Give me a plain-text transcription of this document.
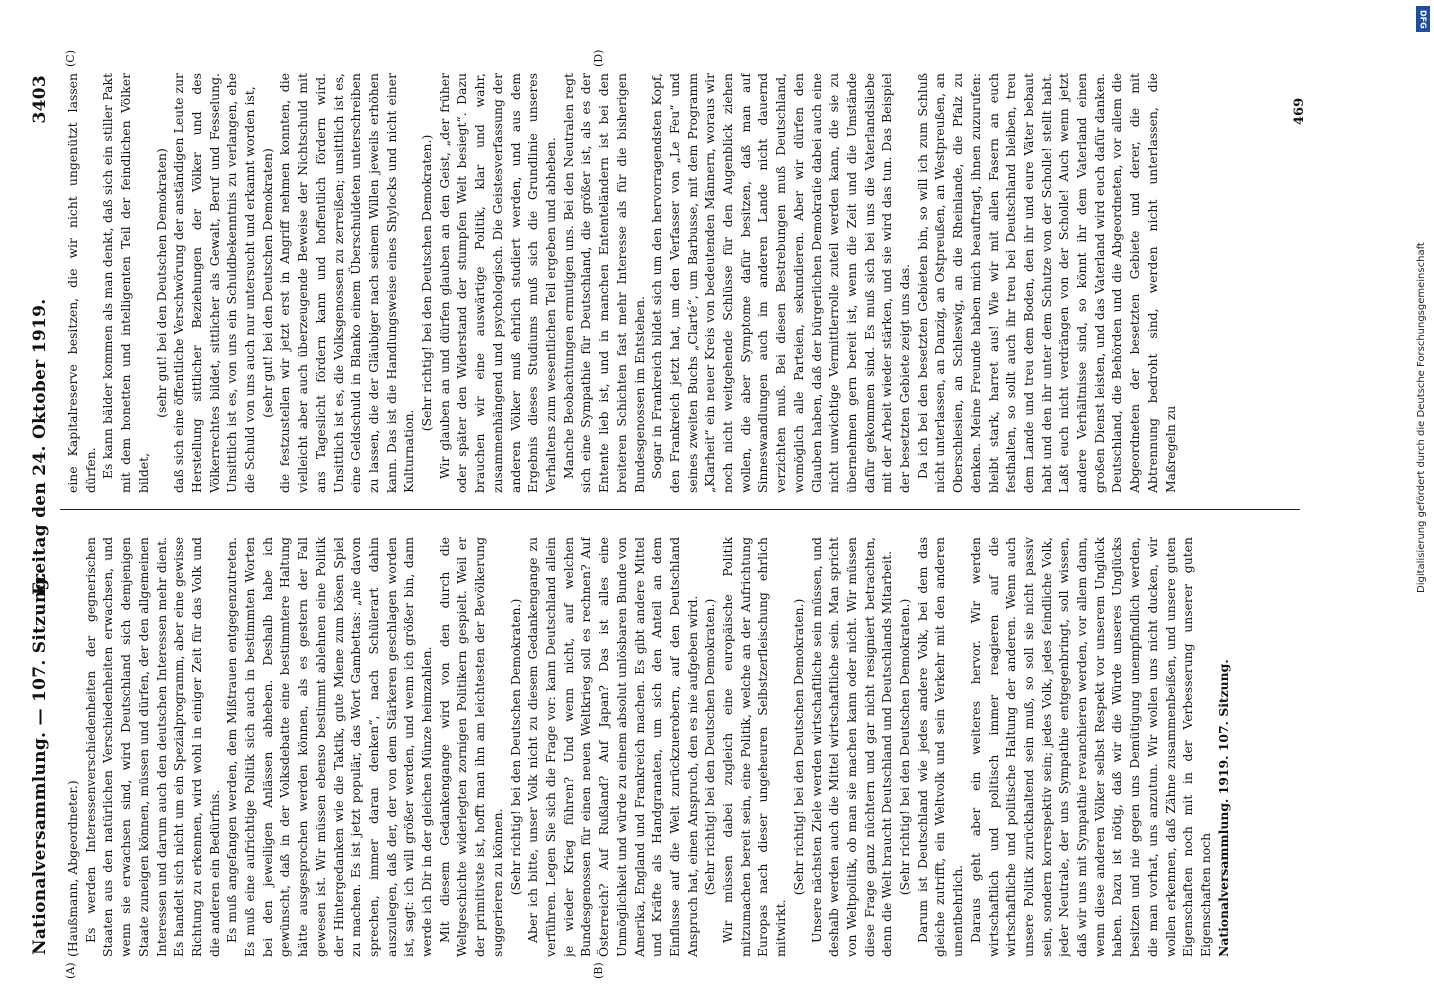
Nationalversammlung. — 107. Sitzung.
Freitag den 24. Oktober 1919.
3403
(A)	(B)
(C)	(D)

(Haußmann, Abgeordneter.) Es werden Interessenverschiedenheiten der gegnerischen Staaten aus den natürlichen Verschiedenheiten erwachsen, und wenn sie erwachsen sind, wird Deutschland sich demjenigen Staate zuneigen können, müssen und dürfen, der den allgemeinen Interessen und darum auch den deutschen Interessen mehr dient. Es handelt sich nicht um ein Spezialprogramm, aber eine gewisse Richtung zu erkennen, wird wohl in einiger Zeit für das Volk und die anderen ein Bedürfnis. Es muß angefangen werden, dem Mißtrauen entgegenzutreten. Es muß eine aufrichtige Politik sich auch in bestimmten Worten bei den jeweiligen Anlässen abheben. Deshalb habe ich gewünscht, daß in der Volksdebatte eine bestimmtere Haltung hätte ausgesprochen werden können, als es gestern der Fall gewesen ist. Wir müssen ebenso bestimmt ablehnen eine Politik der Hintergedanken wie die Taktik, gute Miene zum bösen Spiel zu machen. Es ist jetzt populär, das Wort Gambettas: „nie davon sprechen, immer daran denken“, nach Schülerart dahin auszulegen, daß der, der von dem Stärkeren geschlagen worden ist, sagt: ich will größer werden, und wenn ich größer bin, dann werde ich Dir in der gleichen Münze heimzahlen. Mit diesem Gedankengange wird von den durch die Weltgeschichte widerlegten zornigen Politikern gespielt. Weil er der primitivste ist, hofft man ihn am leichtesten der Bevölkerung suggerieren zu können. (Sehr richtig! bei den Deutschen Demokraten.) Aber ich bitte, unser Volk nicht zu diesem Gedankengange zu verführen. Legen Sie sich die Frage vor: kann Deutschland allein je wieder Krieg führen? Und wenn nicht, auf welchen Bundesgenossen für einen neuen Weltkrieg soll es rechnen? Auf Österreich? Auf Rußland? Auf Japan? Das ist alles eine Unmöglichkeit und würde zu einem absolut unlösbaren Bunde von Amerika, England und Frankreich machen. Es gibt andere Mittel und Kräfte als Handgranaten, um sich den Anteil an dem Einflusse auf die Welt zurückzuerobern, auf den Deutschland Anspruch hat, einen Anspruch, den es nie aufgeben wird. (Sehr richtig! bei den Deutschen Demokraten.) Wir müssen dabei zugleich eine europäische Politik mitzumachen bereit sein, eine Politik, welche an der Aufrichtung Europas nach dieser ungeheuren Selbstzerfleischung ehrlich mitwirkt.

(Sehr richtig! bei den Deutschen Demokraten.) Unsere nächsten Ziele werden wirtschaftliche sein müssen, und deshalb werden auch die Mittel wirtschaftliche sein. Man spricht von Weltpolitik, ob man sie machen kann oder nicht. Wir müssen diese Frage ganz nüchtern und gar nicht resigniert betrachten, denn die Welt braucht Deutschland und Deutschlands Mitarbeit. (Sehr richtig! bei den Deutschen Demokraten.) Darum ist Deutschland wie jedes andere Volk, bei dem das gleiche zutrifft, ein Weltvolk und sein Verkehr mit den anderen unentbehrlich. Daraus geht aber ein weiteres hervor. Wir werden wirtschaftlich und politisch immer reagieren auf die wirtschaftliche und politische Haltung der anderen. Wenn auch unsere Politik zurückhaltend sein muß, so soll sie nicht passiv sein, sondern korrespektiv sein; jedes Volk, jedes feindliche Volk, jeder Neutrale, der uns Sympathie entgegenbringt, soll wissen, daß wir uns mit Sympathie revanchieren werden, vor allem dann, wenn diese anderen Völker selbst Respekt vor unserem Unglück haben. Dazu ist nötig, daß wir die Würde unseres Unglücks besitzen und nie gegen uns Demütigung unempfindlich werden, die man vorhat, uns anzutun. Wir wollen uns nicht ducken, wir wollen erkennen, daß Zähne zusammenbeißen, und unsere guten Eigenschaften noch mit in der Verbesserung unserer guten Eigenschaften noch Nationalversammlung. 1919. 107. Sitzung.

eine Kapitalreserve besitzen, die wir nicht ungenützt lassen dürfen. Es kann bälder kommen als man denkt, daß sich ein stiller Pakt mit dem honetten und intelligenten Teil der feindlichen Völker bildet,

(sehr gut! bei den Deutschen Demokraten) daß sich eine öffentliche Verschwörung der anständigen Leute zur Herstellung sittlicher Beziehungen der Völker und des Völkerrechtes bildet, sittlicher als Gewalt, Beruf und Fesselung. Unsittlich ist es, von uns ein Schuldbekenntnis zu verlangen, ehe die Schuld von uns auch nur untersucht und erkannt worden ist, (sehr gut! bei den Deutschen Demokraten) die festzustellen wir jetzt erst in Angriff nehmen konnten, die vielleicht aber auch überzeugende Beweise der Nichtschuld mit ans Tageslicht fördern kann und hoffentlich fördern wird. Unsittlich ist es, die Volksgenossen zu zerreißen; unsittlich ist es, eine Geldschuld in Blanko einem Überschuldeten unterschreiben zu lassen, die der Gläubiger nach seinem Willen jeweils erhöhen kann. Das ist die Handlungsweise eines Shylocks und nicht einer Kulturnation.

(Sehr richtig! bei den Deutschen Demokraten.) Wir glauben an und dürfen glauben an den Geist, „der früher oder später den Widerstand der stumpfen Welt besiegt“. Dazu brauchen wir eine auswärtige Politik, klar und wahr, zusammenhängend und psychologisch. Die Geistesverfassung der anderen Völker muß ehrlich studiert werden, und aus dem Ergebnis dieses Studiums muß sich die Grundlinie unseres Verhaltens zum wesentlichen Teil ergeben und abheben. Manche Beobachtungen ermutigen uns. Bei den Neutralen regt sich eine Sympathie für Deutschland, die größer ist, als es der Entente lieb ist, und in manchen Ententeländern ist bei den breiteren Schichten fast mehr Interesse als für die bisherigen Bundesgenossen im Entstehen. Sogar in Frankreich bildet sich um den hervorragendsten Kopf, den Frankreich jetzt hat, um den Verfasser von „Le Feu“ und seines zweiten Buchs „Clarté“, um Barbusse, mit dem Programm „Klarheit“ ein neuer Kreis von bedeutenden Männern, woraus wir noch nicht weitgehende Schlüsse für den Augenblick ziehen wollen, die aber Symptome dafür besitzen, daß man auf Sinneswandlungen auch im anderen Lande nicht dauernd verzichten muß. Bei diesen Bestrebungen muß Deutschland, womöglich alle Parteien, sekundieren. Aber wir dürfen den Glauben haben, daß der bürgerlichen Demokratie dabei auch eine nicht unwichtige Vermittlerrolle zuteil werden kann, die sie zu übernehmen gern bereit ist, wenn die Zeit und die Umstände dafür gekommen sind. Es muß sich bei uns die Vaterlandsliebe mit der Arbeit wieder stärken, und sie wird das tun. Das Beispiel der besetzten Gebiete zeigt uns das. Da ich bei den besetzten Gebieten bin, so will ich zum Schluß nicht unterlassen, an Danzig, an Ostpreußen, an Westpreußen, an Oberschlesien, an Schleswig, an die Rheinlande, die Pfalz zu denken. Meine Freunde haben mich beauftragt, ihnen zuzurufen: bleibt stark, harret aus! Wie wir mit allen Fasern an euch festhalten, so sollt auch ihr treu bei Deutschland bleiben, treu dem Lande und treu dem Boden, den ihr und eure Väter bebaut habt und den ihr unter dem Schutze von der Scholle! stellt habt. Laßt euch nicht verdrängen von der Scholle! Auch wenn jetzt andere Verhältnisse sind, so könnt ihr dem Vaterland einen großen Dienst leisten, und das Vaterland wird euch dafür danken. Deutschland, die Behörden und die Abgeordneten, vor allem die Abgeordneten der besetzten Gebiete und derer, die mit Abtrennung bedroht sind, werden nicht unterlassen, die Maßregeln zu

469
DFG
Digitalisierung gefördert durch die Deutsche Forschungsgemeinschaft
